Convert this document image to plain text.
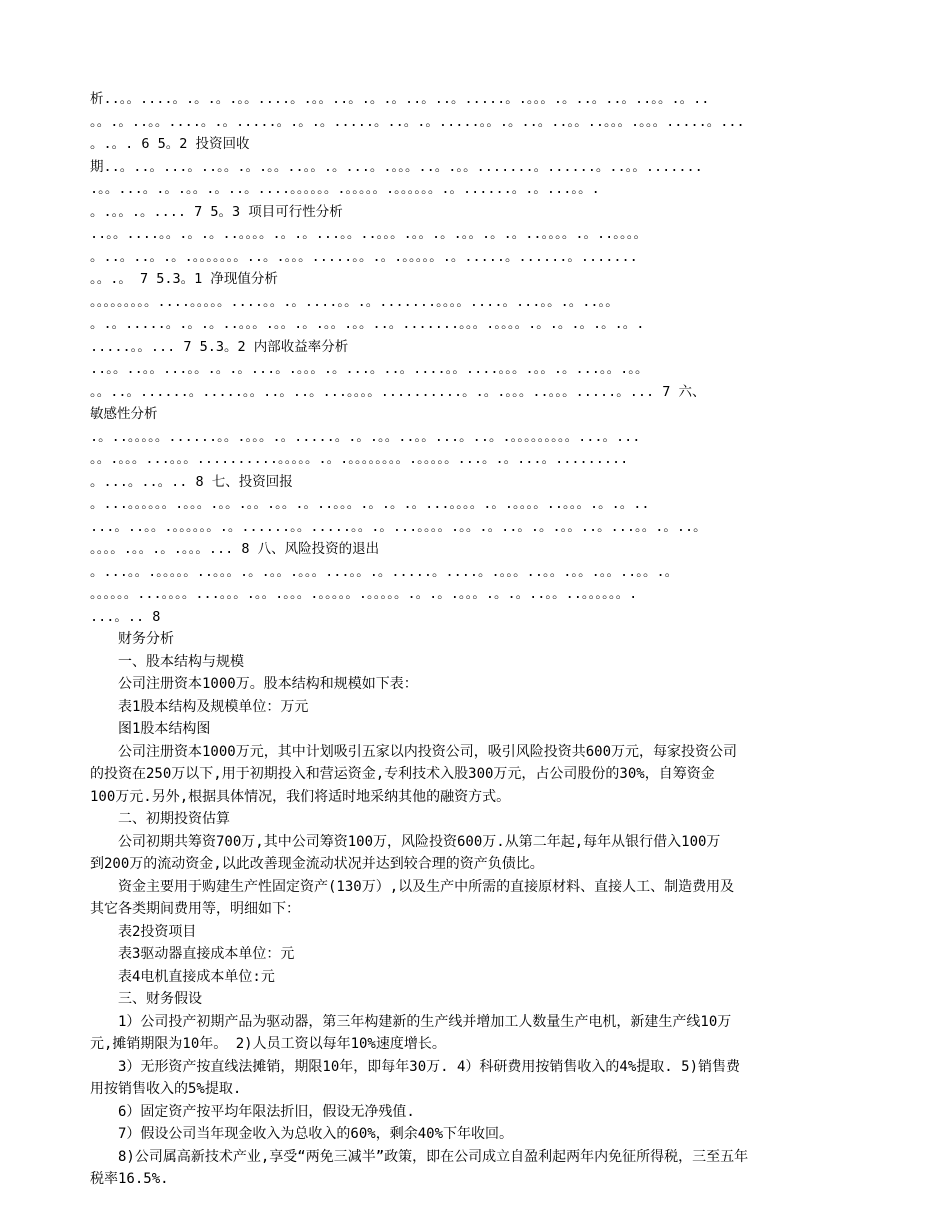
析..。。....。.。.。.。。....。.。。..。.。.。..。..。.....。.。。。.。..。..。..。。.。..
。。.。..。。....。.。.....。.。.。.....。..。.。.....。。.。..。..。。..。。。.。。。.....。...
。.。. 6 5。2 投资回收
期..。..。...。..。。.。.。。..。。.。...。.。。。..。.。。.......。......。..。。.......
.。。...。.。.。。.。..。....。。。。。。.。。。。。.。。。。。。.。......。.。...。。.
。.。。.。.... 7 5。3 项目可行性分析
..。。....。。.。.。..。。。。.。.。...。。..。。。.。。.。.。。.。.。..。。。。.。..。。。。
。..。..。.。.。。。。。。。..。.。。。.....。。.。.。。。。。.。.....。......。.......
。。.。 7 5.3。1 净现值分析
。。。。。。。。。....。。。。。....。。.。....。。.。.......。。。。....。...。。.。..。。
。.。.....。.。.。..。。。.。。.。.。。.。。..。.......。。。.。。。。.。.。.。.。.。.
.....。。... 7 5.3。2 内部收益率分析
..。。..。。...。。.。.。...。.。。。.。...。..。....。。....。。。.。。.。...。。.。。
。。..。......。.....。。..。..。...。。。。..........。.。.。。。..。。。.....。... 7 六、
敏感性分析
.。..。。。。。......。。.。。。.。.....。.。.。。..。。...。..。.。。。。。。。。。...。...
。。.。。。...。。。..........。。。。。.。.。。。。。。。。.。。。。。...。.。...。.........
。...。..。.. 8 七、投资回报
。...。。。。。。.。。。.。。.。。.。。.。..。。。.。.。.。...。。。。.。.。。。。..。。。.。.。..
...。..。。.。。。。。。.。......。。.....。。.。...。。。。.。。.。..。.。.。。..。...。。.。..。
。。。。.。。.。.。。。... 8 八、风险投资的退出
。...。。.。。。。。..。。。.。.。。.。。。...。。.。.....。....。.。。。..。。.。。.。。..。。.。
。。。。。。...。。。。...。。。.。。.。。。.。。。。。.。。。。。.。.。.。。。.。.。..。。..。。。。。。.
...。.. 8
财务分析
一、股本结构与规模
公司注册资本1000万。股本结构和规模如下表：
表1股本结构及规模单位：万元
图1股本结构图
公司注册资本1000万元，其中计划吸引五家以内投资公司，吸引风险投资共600万元，每家投资公司
的投资在250万以下,用于初期投入和营运资金,专利技术入股300万元，占公司股份的30%，自筹资金
100万元.另外,根据具体情况，我们将适时地采纳其他的融资方式。
二、初期投资估算
公司初期共筹资700万,其中公司筹资100万，风险投资600万.从第二年起,每年从银行借入100万
到200万的流动资金,以此改善现金流动状况并达到较合理的资产负债比。
资金主要用于购建生产性固定资产(130万）,以及生产中所需的直接原材料、直接人工、制造费用及
其它各类期间费用等，明细如下：
表2投资项目
表3驱动器直接成本单位：元
表4电机直接成本单位:元
三、财务假设
1）公司投产初期产品为驱动器，第三年构建新的生产线并增加工人数量生产电机，新建生产线10万
元,摊销期限为10年。 2)人员工资以每年10%速度增长。
3）无形资产按直线法摊销，期限10年，即每年30万. 4）科研费用按销售收入的4%提取. 5)销售费
用按销售收入的5%提取.
6）固定资产按平均年限法折旧，假设无净残值.
7）假设公司当年现金收入为总收入的60%，剩余40%下年收回。
8)公司属高新技术产业,享受“两免三减半”政策，即在公司成立自盈利起两年内免征所得税，三至五年
税率16.5%.
